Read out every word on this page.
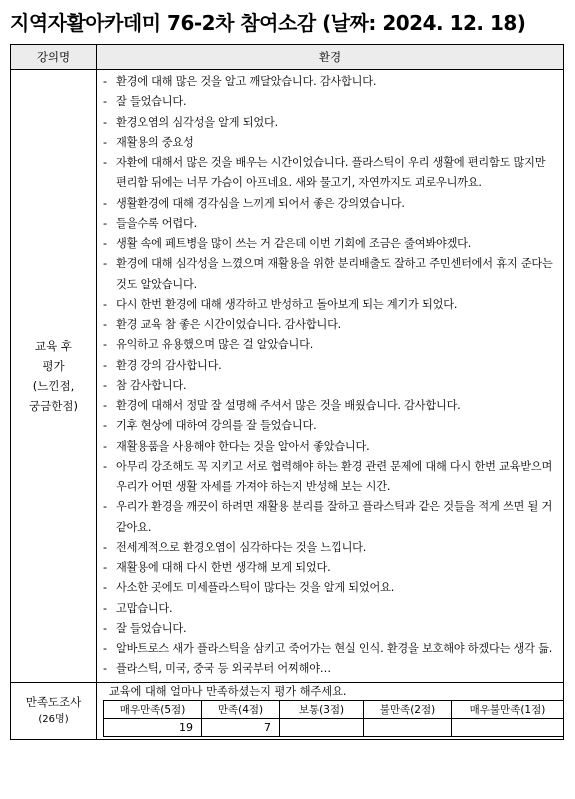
지역자활아카데미 76-2차 참여소감 (날짜: 2024. 12. 18)
강의명	환경

교육 후
평가
(느낀점,
궁금한점)

- 환경에 대해 많은 것을 알고 깨달았습니다. 감사합니다.
- 잘 들었습니다.
- 환경오염의 심각성을 알게 되었다.
- 재활용의 중요성
- 자환에 대해서 많은 것을 배우는 시간이었습니다. 플라스틱이 우리 생활에 편리함도 많지만 편리함 뒤에는 너무 가슴이 아프네요. 새와 물고기, 자연까지도 괴로우니까요.
- 생활환경에 대해 경각심을 느끼게 되어서 좋은 강의였습니다.
- 들을수록 어렵다.
- 생활 속에 페트병을 많이 쓰는 거 같은데 이번 기회에 조금은 줄여봐야겠다.
- 환경에 대해 심각성을 느꼈으며 재활용을 위한 분리배출도 잘하고 주민센터에서 휴지 준다는 것도 알았습니다.
- 다시 한번 환경에 대해 생각하고 반성하고 돌아보게 되는 계기가 되었다.
- 환경 교육 참 좋은 시간이었습니다. 감사합니다.
- 유익하고 유용했으며 많은 걸 알았습니다.
- 환경 강의 감사합니다.
- 참 감사합니다.
- 환경에 대해서 정말 잘 설명해 주셔서 많은 것을 배웠습니다. 감사합니다.
- 기후 현상에 대하여 강의를 잘 들었습니다.
- 재활용품을 사용해야 한다는 것을 알아서 좋았습니다.
- 아무리 강조해도 꼭 지키고 서로 협력해야 하는 환경 관련 문제에 대해 다시 한번 교육받으며 우리가 어떤 생활 자세를 가져야 하는지 반성해 보는 시간.
- 우리가 환경을 깨끗이 하려면 재활용 분리를 잘하고 플라스틱과 같은 것들을 적게 쓰면 될 거 같아요.
- 전세계적으로 환경오염이 심각하다는 것을 느낍니다.
- 재활용에 대해 다시 한번 생각해 보게 되었다.
- 사소한 곳에도 미세플라스틱이 많다는 것을 알게 되었어요.
- 고맙습니다.
- 잘 들었습니다.
- 알바트로스 새가 플라스틱을 삼키고 죽어가는 현실 인식. 환경을 보호해야 하겠다는 생각 듦.
- 플라스틱, 미국, 중국 등 외국부터 어찌해야…

만족도조사
(26명)

교육에 대해 얼마나 만족하셨는지 평가 해주세요.
매우만족(5점)	만족(4점)	보통(3점)	불만족(2점)	매우불만족(1점)
19	7			
